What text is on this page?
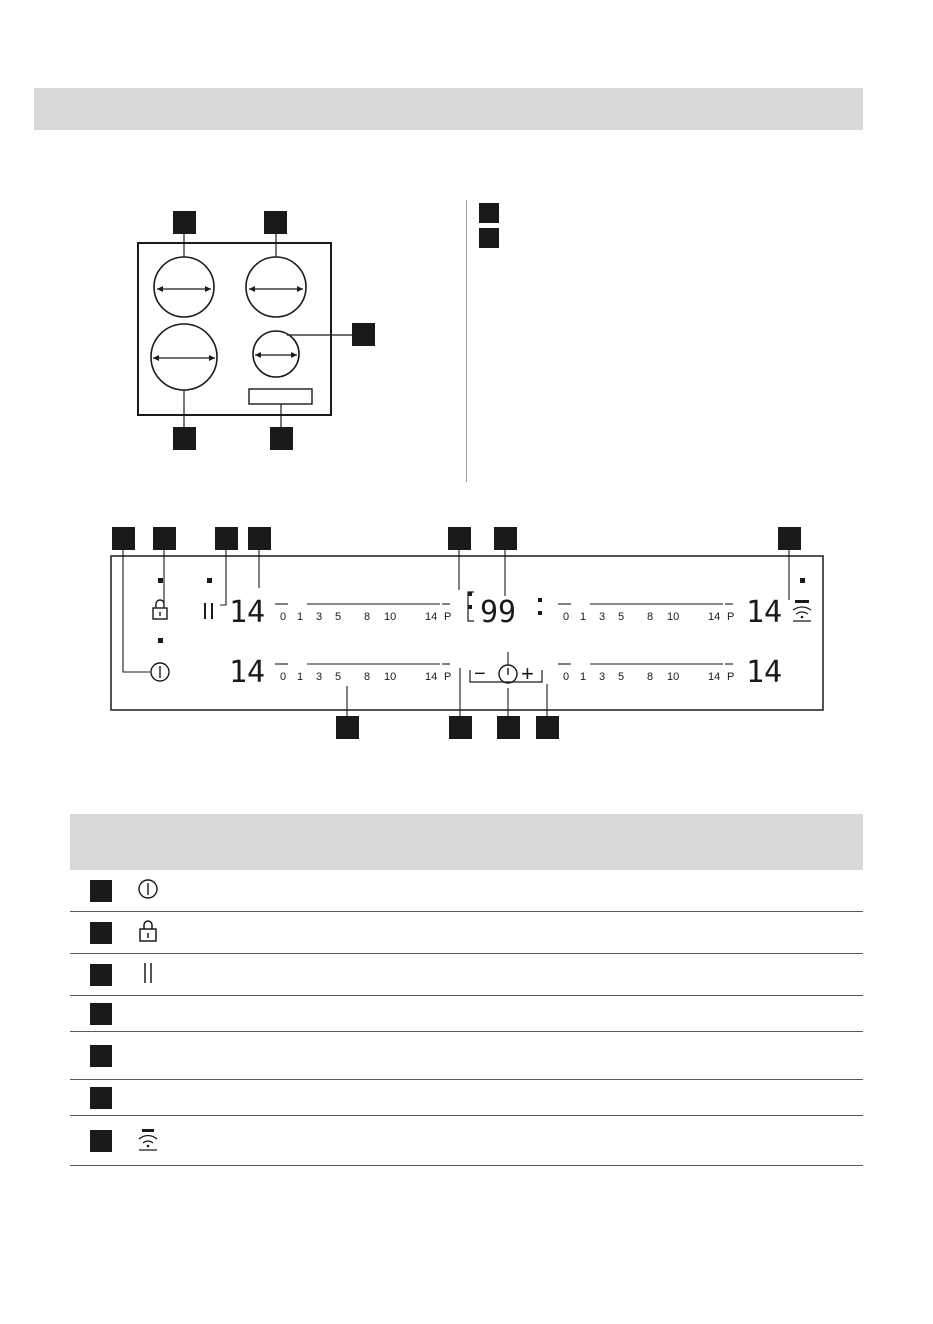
14
14
14
14
99
− +
0 1 3 5 8 10	14 P
0 1 3 5 8 10	14 P
0 1 3 5 8 10	14 P
0 1 3 5 8 10	14 P
